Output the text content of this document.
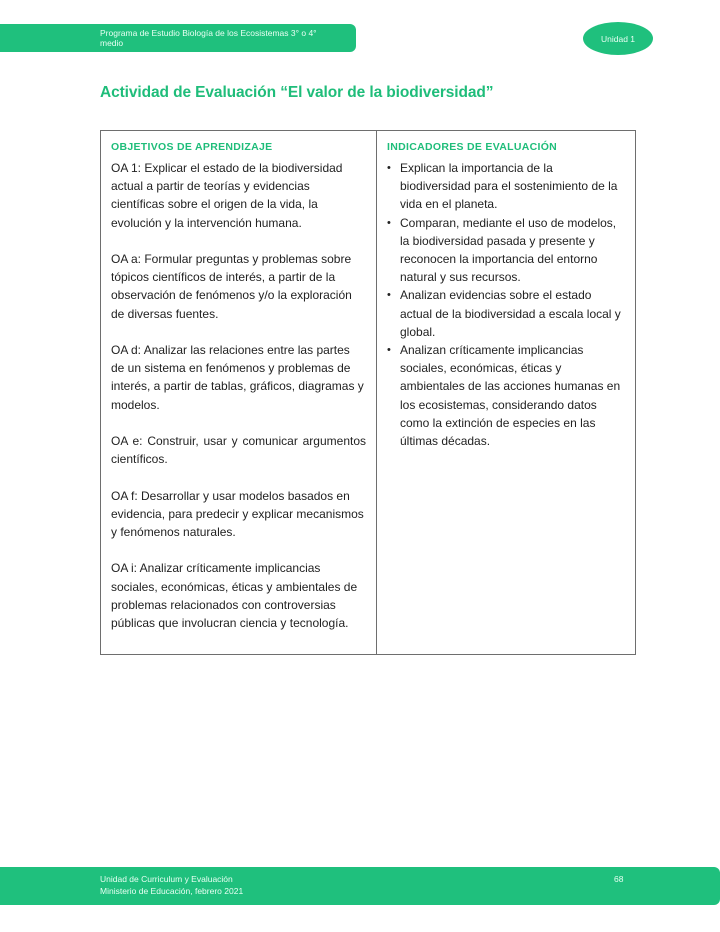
Programa de Estudio Biología de los Ecosistemas 3° o 4° medio	Unidad 1
Actividad de Evaluación “El valor de la biodiversidad”
OBJETIVOS DE APRENDIZAJE

OA 1: Explicar el estado de la biodiversidad actual a partir de teorías y evidencias científicas sobre el origen de la vida, la evolución y la intervención humana.

OA a: Formular preguntas y problemas sobre tópicos científicos de interés, a partir de la observación de fenómenos y/o la exploración de diversas fuentes.

OA d: Analizar las relaciones entre las partes de un sistema en fenómenos y problemas de interés, a partir de tablas, gráficos, diagramas y modelos.

OA e: Construir, usar y comunicar argumentos científicos.

OA f: Desarrollar y usar modelos basados en evidencia, para predecir y explicar mecanismos y fenómenos naturales.

OA i: Analizar críticamente implicancias sociales, económicas, éticas y ambientales de problemas relacionados con controversias públicas que involucran ciencia y tecnología.

INDICADORES DE EVALUACIÓN
• Explican la importancia de la biodiversidad para el sostenimiento de la vida en el planeta.
• Comparan, mediante el uso de modelos, la biodiversidad pasada y presente y reconocen la importancia del entorno natural y sus recursos.
• Analizan evidencias sobre el estado actual de la biodiversidad a escala local y global.
• Analizan críticamente implicancias sociales, económicas, éticas y ambientales de las acciones humanas en los ecosistemas, considerando datos como la extinción de especies en las últimas décadas.
Unidad de Curriculum y Evaluación
Ministerio de Educación, febrero 2021
68
